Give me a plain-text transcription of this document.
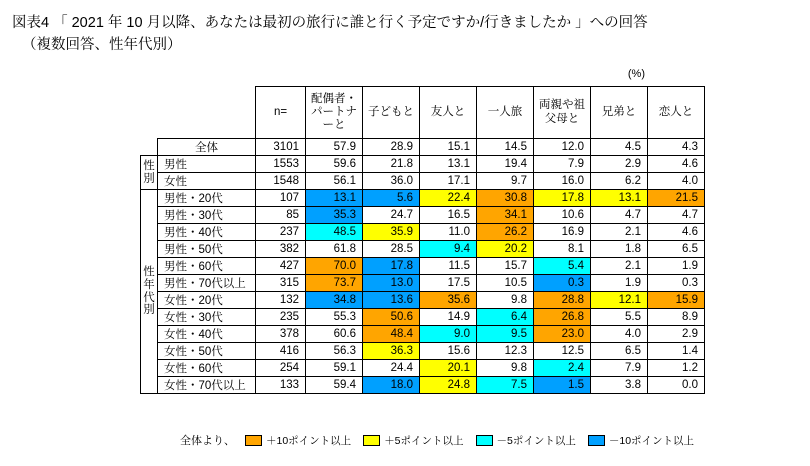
図表4 「 2021 年 10 月以降、あなたは最初の旅行に誰と行く予定ですか/行きましたか 」への回答
（複数回答、性年代別）
(%)
		n=	配偶者・パートナーと	子どもと	友人と	一人旅	両親や祖父母と	兄弟と	恋人と
	全体	3101	57.9	28.9	15.1	14.5	12.0	4.5	4.3

性
別	男性	1553	59.6	21.8	13.1	19.4	7.9	2.9	4.6
	女性	1548	56.1	36.0	17.1	9.7	16.0	6.2	4.0

性
年
代
別	男性・20代	107	13.1	5.6	22.4	30.8	17.8	13.1	21.5
	男性・30代	85	35.3	24.7	16.5	34.1	10.6	4.7	4.7
	男性・40代	237	48.5	35.9	11.0	26.2	16.9	2.1	4.6
	男性・50代	382	61.8	28.5	9.4	20.2	8.1	1.8	6.5
	男性・60代	427	70.0	17.8	11.5	15.7	5.4	2.1	1.9
	男性・70代以上	315	73.7	13.0	17.5	10.5	0.3	1.9	0.3
	女性・20代	132	34.8	13.6	35.6	9.8	28.8	12.1	15.9
	女性・30代	235	55.3	50.6	14.9	6.4	26.8	5.5	8.9
	女性・40代	378	60.6	48.4	9.0	9.5	23.0	4.0	2.9
	女性・50代	416	56.3	36.3	15.6	12.3	12.5	6.5	1.4
	女性・60代	254	59.1	24.4	20.1	9.8	2.4	7.9	1.2
	女性・70代以上	133	59.4	18.0	24.8	7.5	1.5	3.8	0.0
全体より、	＋10ポイント以上	＋5ポイント以上	－5ポイント以上	－10ポイント以上
